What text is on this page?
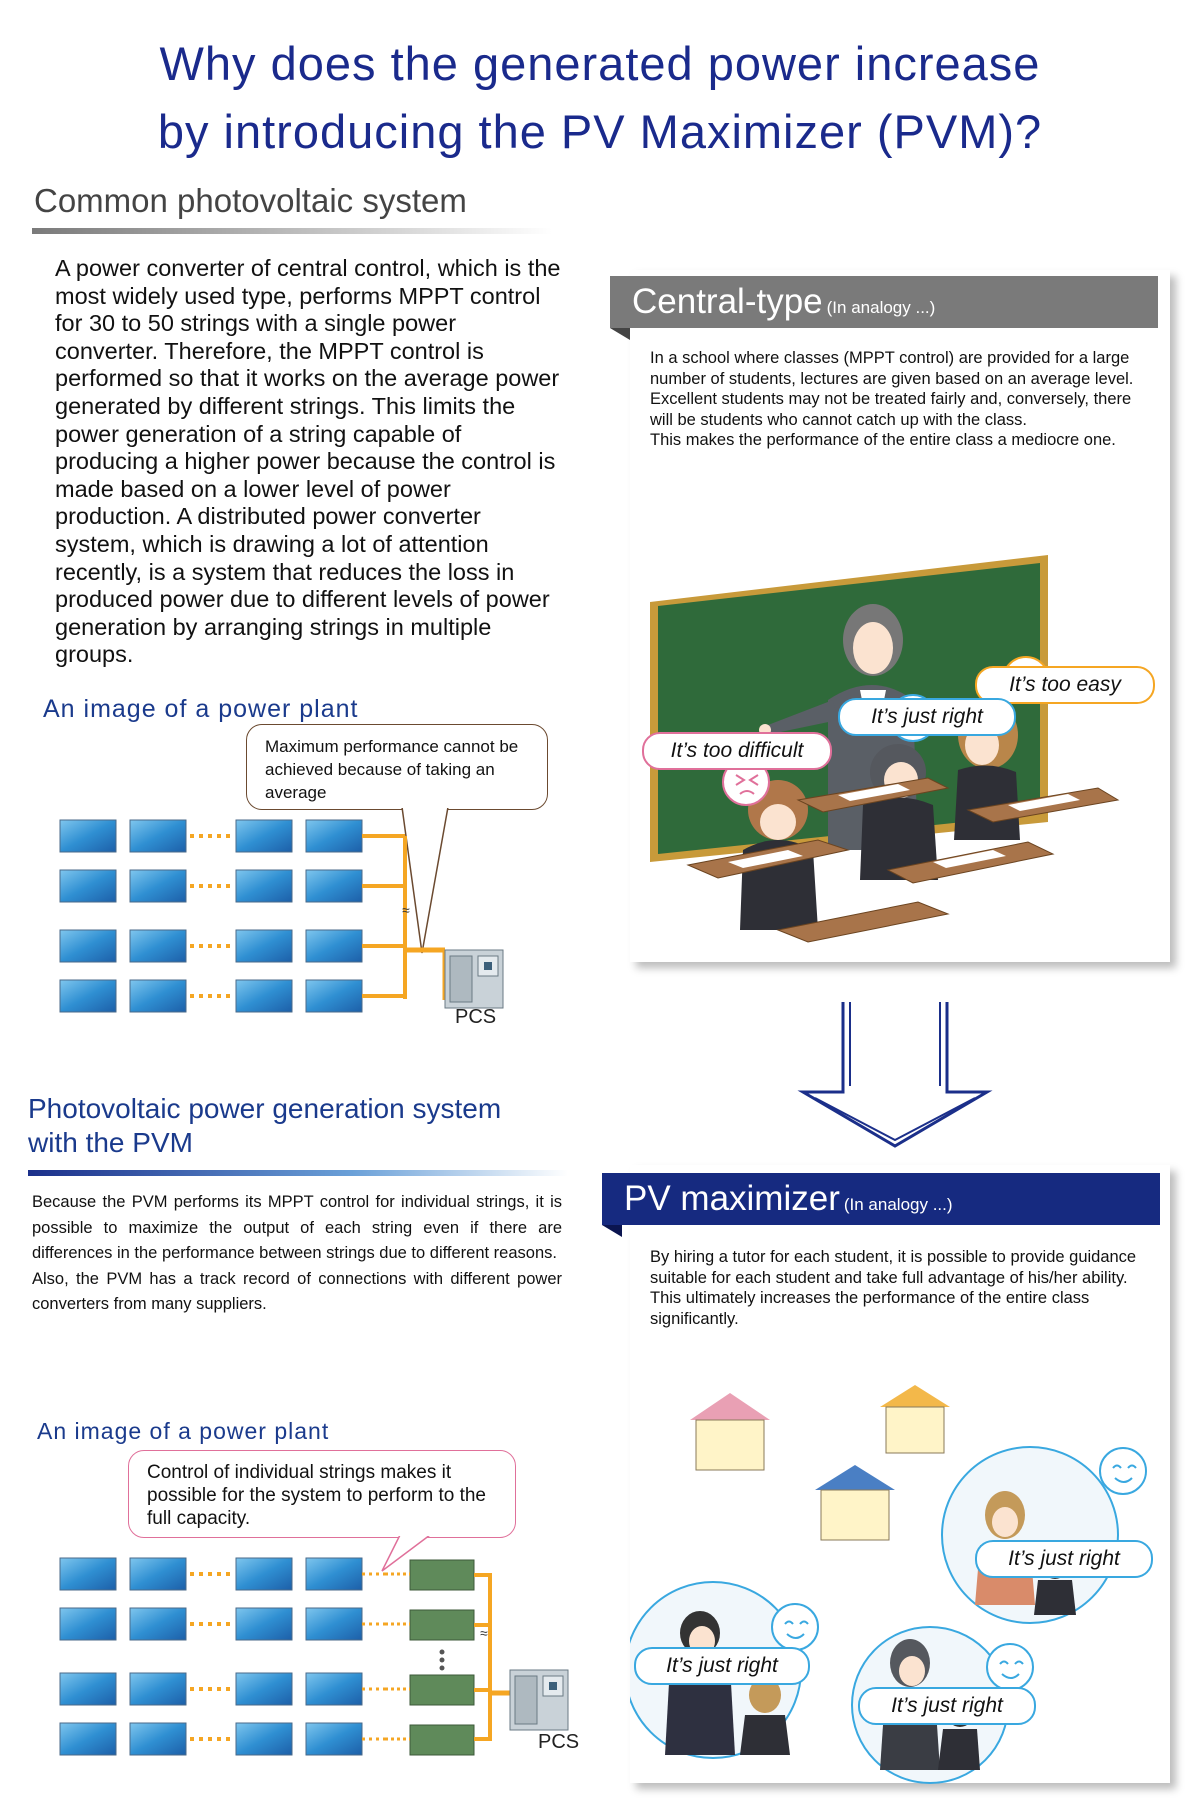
Why does the generated power increase
by introducing the PV Maximizer (PVM)?
Common photovoltaic system
A power converter of central control, which is the most widely used type, performs MPPT control for 30 to 50 strings with a single power converter. Therefore, the MPPT control is performed so that it works on the average power generated by different strings. This limits the power generation of a string capable of producing a higher power because the control is made based on a lower level of power production. A distributed power converter system, which is drawing a lot of attention recently, is a system that reduces the loss in produced power due to different levels of power generation by arranging strings in multiple groups.
An image of a power plant
Maximum performance cannot be achieved because of taking an average
≈
PCS
Central-type (In analogy ...)
In a school where classes (MPPT control) are provided for a large number of students, lectures are given based on an average level. Excellent students may not be treated fairly and, conversely, there will be students who cannot catch up with the class.
This makes the performance of the entire class a mediocre one.
It’s too easy
It’s just right
It’s too difficult
Photovoltaic power generation system
with the PVM
Because the PVM performs its MPPT control for individual strings, it is possible to maximize the output of each string even if there are differences in the performance between strings due to different reasons.
Also, the PVM has a track record of connections with different power converters from many suppliers.
An image of a power plant
Control of individual strings makes it possible for the system to perform to the full capacity.
≈
PCS
PV maximizer (In analogy ...)
By hiring a tutor for each student, it is possible to provide guidance suitable for each student and take full advantage of his/her ability. This ultimately increases the performance of the entire class significantly.
It’s just right
It’s just right
It’s just right
